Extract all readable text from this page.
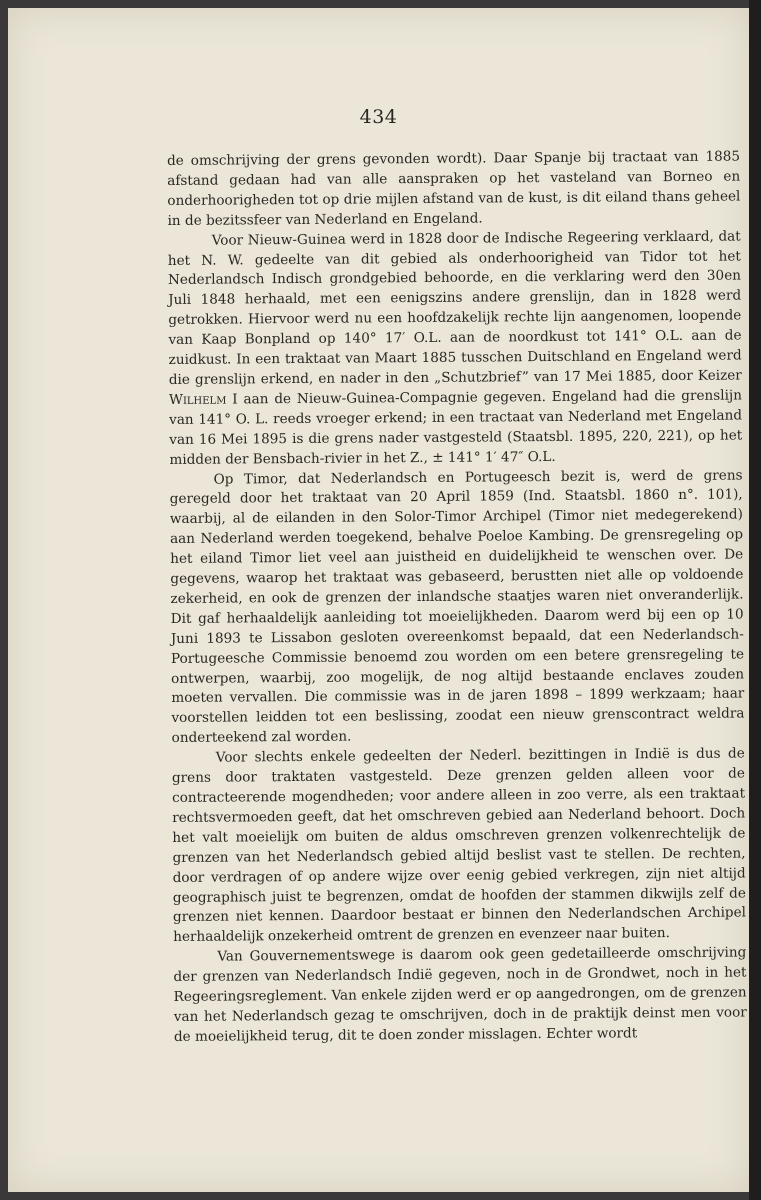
434

de omschrijving der grens gevonden wordt). Daar Spanje bij tractaat van 1885 afstand gedaan had van alle aanspraken op het vasteland van Borneo en onderhoorigheden tot op drie mijlen afstand van de kust, is dit eiland thans geheel in de bezitssfeer van Nederland en Engeland.

Voor Nieuw-Guinea werd in 1828 door de Indische Regeering verklaard, dat het N. W. gedeelte van dit gebied als onderhoorigheid van Tidor tot het Nederlandsch Indisch grondgebied behoorde, en die verklaring werd den 30en Juli 1848 herhaald, met een eenigszins andere grenslijn, dan in 1828 werd getrokken. Hiervoor werd nu een hoofdzakelijk rechte lijn aangenomen, loopende van Kaap Bonpland op 140° 17′ O.L. aan de noordkust tot 141° O.L. aan de zuidkust. In een traktaat van Maart 1885 tusschen Duitschland en Engeland werd die grenslijn erkend, en nader in den „Schutzbrief” van 17 Mei 1885, door Keizer Wilhelm I aan de Nieuw-Guinea-Compagnie gegeven. Engeland had die grenslijn van 141° O. L. reeds vroeger erkend; in een tractaat van Nederland met Engeland van 16 Mei 1895 is die grens nader vastgesteld (Staatsbl. 1895, 220, 221), op het midden der Bensbach-rivier in het Z., ± 141° 1′ 47″ O.L.

Op Timor, dat Nederlandsch en Portugeesch bezit is, werd de grens geregeld door het traktaat van 20 April 1859 (Ind. Staatsbl. 1860 n°. 101), waarbij, al de eilanden in den Solor-Timor Archipel (Timor niet medegerekend) aan Nederland werden toegekend, behalve Poeloe Kambing. De grensregeling op het eiland Timor liet veel aan juistheid en duidelijkheid te wenschen over. De gegevens, waarop het traktaat was gebaseerd, berustten niet alle op voldoende zekerheid, en ook de grenzen der inlandsche staatjes waren niet onveranderlijk. Dit gaf herhaaldelijk aanleiding tot moeielijkheden. Daarom werd bij een op 10 Juni 1893 te Lissabon gesloten overeenkomst bepaald, dat een Nederlandsch-Portugeesche Commissie benoemd zou worden om een betere grensregeling te ontwerpen, waarbij, zoo mogelijk, de nog altijd bestaande enclaves zouden moeten vervallen. Die commissie was in de jaren 1898 – 1899 werkzaam; haar voorstellen leidden tot een beslissing, zoodat een nieuw grenscontract weldra onderteekend zal worden.

Voor slechts enkele gedeelten der Nederl. bezittingen in Indië is dus de grens door traktaten vastgesteld. Deze grenzen gelden alleen voor de contracteerende mogendheden; voor andere alleen in zoo verre, als een traktaat rechtsvermoeden geeft, dat het omschreven gebied aan Nederland behoort. Doch het valt moeielijk om buiten de aldus omschreven grenzen volkenrechtelijk de grenzen van het Nederlandsch gebied altijd beslist vast te stellen. De rechten, door verdragen of op andere wijze over eenig gebied verkregen, zijn niet altijd geographisch juist te begrenzen, omdat de hoofden der stammen dikwijls zelf de grenzen niet kennen. Daardoor bestaat er binnen den Nederlandschen Archipel herhaaldelijk onzekerheid omtrent de grenzen en evenzeer naar buiten.

Van Gouvernementswege is daarom ook geen gedetailleerde omschrijving der grenzen van Nederlandsch Indië gegeven, noch in de Grondwet, noch in het Regeeringsreglement. Van enkele zijden werd er op aangedrongen, om de grenzen van het Nederlandsch gezag te omschrijven, doch in de praktijk deinst men voor de moeielijkheid terug, dit te doen zonder misslagen. Echter wordt
